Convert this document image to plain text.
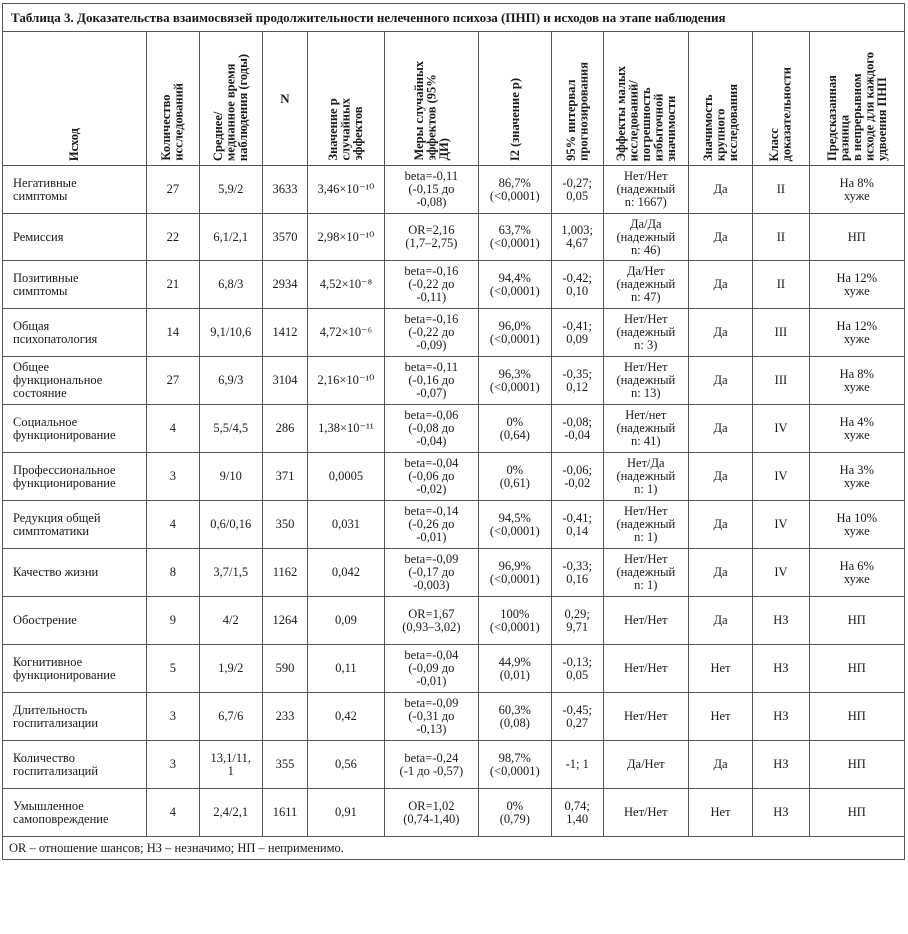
Таблица 3. Доказательства взаимосвязей продолжительности нелеченного психоза (ПНП) и исходов на этапе наблюдения											

Исход	Количество
исследований	Среднее/
медианное время
наблюдения (годы)	N	Значение p
случайных
эффектов	Меры случайных
эффектов (95%
ДИ)	I2 (значение p)	95% интервал
прогнозирования	Эффекты малых
исследований/
погрешность
избыточной
значимости	Значимость
крупного
исследования	Класс
доказательности	Предсказанная
разница
в непрерывном
исходе для каждого
удвоения ПНП

Негативные
симптомы	27	5,9/2	3633	3,46×10⁻¹⁰	beta=-0,11
(-0,15 до
-0,08)	86,7%
(<0,0001)	-0,27;
0,05	Нет/Нет
(надежный
n: 1667)	Да	II	На 8%
хуже
Ремиссия	22	6,1/2,1	3570	2,98×10⁻¹⁰	OR=2,16
(1,7–2,75)	63,7%
(<0,0001)	1,003;
4,67	Да/Да
(надежный
n: 46)	Да	II	НП
Позитивные
симптомы	21	6,8/3	2934	4,52×10⁻⁸	beta=-0,16
(-0,22 до
-0,11)	94,4%
(<0,0001)	-0,42;
0,10	Да/Нет
(надежный
n: 47)	Да	II	На 12%
хуже
Общая
психопатология	14	9,1/10,6	1412	4,72×10⁻⁶	beta=-0,16
(-0,22 до
-0,09)	96,0%
(<0,0001)	-0,41;
0,09	Нет/Нет
(надежный
n: 3)	Да	III	На 12%
хуже
Общее
функциональное
состояние	27	6,9/3	3104	2,16×10⁻¹⁰	beta=-0,11
(-0,16 до
-0,07)	96,3%
(<0,0001)	-0,35;
0,12	Нет/Нет
(надежный
n: 13)	Да	III	На 8%
хуже
Социальное
функционирование	4	5,5/4,5	286	1,38×10⁻¹¹	beta=-0,06
(-0,08 до
-0,04)	0%
(0,64)	-0,08;
-0,04	Нет/нет
(надежный
n: 41)	Да	IV	На 4%
хуже
Профессиональное
функционирование	3	9/10	371	0,0005	beta=-0,04
(-0,06 до
-0,02)	0%
(0,61)	-0,06;
-0,02	Нет/Да
(надежный
n: 1)	Да	IV	На 3%
хуже
Редукция общей
симптоматики	4	0,6/0,16	350	0,031	beta=-0,14
(-0,26 до
-0,01)	94,5%
(<0,0001)	-0,41;
0,14	Нет/Нет
(надежный
n: 1)	Да	IV	На 10%
хуже
Качество жизни	8	3,7/1,5	1162	0,042	beta=-0,09
(-0,17 до
-0,003)	96,9%
(<0,0001)	-0,33;
0,16	Нет/Нет
(надежный
n: 1)	Да	IV	На 6%
хуже
Обострение	9	4/2	1264	0,09	OR=1,67
(0,93–3,02)	100%
(<0,0001)	0,29;
9,71	Нет/Нет	Да	НЗ	НП
Когнитивное
функционирование	5	1,9/2	590	0,11	beta=-0,04
(-0,09 до
-0,01)	44,9%
(0,01)	-0,13;
0,05	Нет/Нет	Нет	НЗ	НП
Длительность
госпитализации	3	6,7/6	233	0,42	beta=-0,09
(-0,31 до
-0,13)	60,3%
(0,08)	-0,45;
0,27	Нет/Нет	Нет	НЗ	НП
Количество
госпитализаций	3	13,1/11,
1	355	0,56	beta=-0,24
(-1 до -0,57)	98,7%
(<0,0001)	-1; 1	Да/Нет	Да	НЗ	НП
Умышленное
самоповреждение	4	2,4/2,1	1611	0,91	OR=1,02
(0,74-1,40)	0%
(0,79)	0,74;
1,40	Нет/Нет	Нет	НЗ	НП
OR – отношение шансов; НЗ – незначимо; НП – неприменимо.											
